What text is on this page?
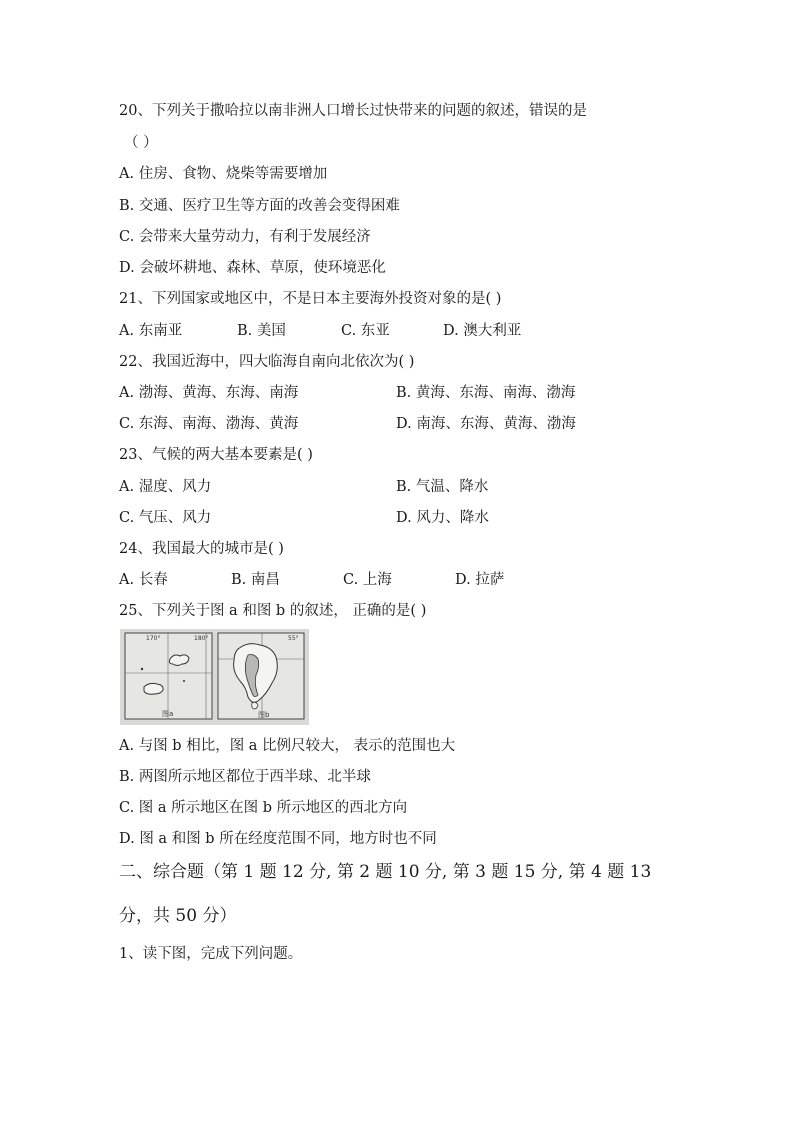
20、下列关于撒哈拉以南非洲人口增长过快带来的问题的叙述，错误的是
（ ）
A. 住房、食物、烧柴等需要增加
B. 交通、医疗卫生等方面的改善会变得困难
C. 会带来大量劳动力，有利于发展经济
D. 会破坏耕地、森林、草原，使环境恶化
21、下列国家或地区中，不是日本主要海外投资对象的是( )
A. 东南亚	B. 美国	C. 东亚	D. 澳大利亚
22、我国近海中，四大临海自南向北依次为( )
A. 渤海、黄海、东海、南海	B. 黄海、东海、南海、渤海
C. 东海、南海、渤海、黄海	D. 南海、东海、黄海、渤海
23、气候的两大基本要素是( )
A. 湿度、风力	B. 气温、降水
C. 气压、风力	D. 风力、降水
24、我国最大的城市是( )
A. 长春	B. 南昌	C. 上海	D. 拉萨
25、下列关于图 a 和图 b 的叙述， 正确的是( )
170°	180°
图a
55°
图b
A. 与图 b 相比，图 a 比例尺较大， 表示的范围也大
B. 两图所示地区都位于西半球、北半球
C. 图 a 所示地区在图 b 所示地区的西北方向
D. 图 a 和图 b 所在经度范围不同，地方时也不同
二、综合题（第 1 题 12 分, 第 2 题 10 分, 第 3 题 15 分, 第 4 题 13
分，共 50 分）
1、读下图，完成下列问题。
